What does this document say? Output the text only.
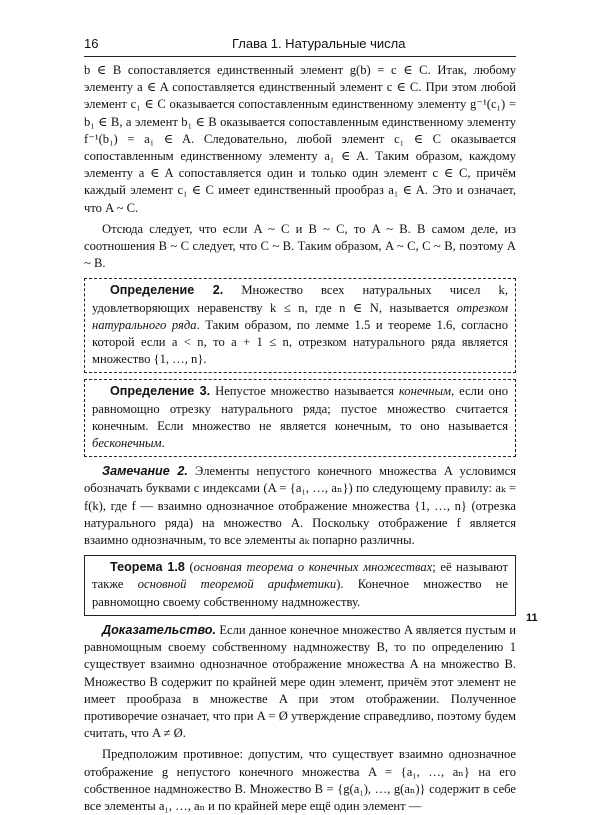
16	Глава 1. Натуральные числа

b ∈ B сопоставляется единственный элемент g(b) = c ∈ C. Итак, любому элементу a ∈ A сопоставляется единственный элемент c ∈ C. При этом любой элемент c₁ ∈ C оказывается сопоставленным единственному элементу g⁻¹(c₁) = b₁ ∈ B, а элемент b₁ ∈ B оказывается сопоставленным единственному элементу f⁻¹(b₁) = a₁ ∈ A. Следовательно, любой элемент c₁ ∈ C оказывается сопоставленным единственному элементу a₁ ∈ A. Таким образом, каждому элементу a ∈ A сопоставляется один и только один элемент c ∈ C, причём каждый элемент c₁ ∈ C имеет единственный прообраз a₁ ∈ A. Это и означает, что A ~ C.

Отсюда следует, что если A ~ C и B ~ C, то A ~ B. В самом деле, из соотношения B ~ C следует, что C ~ B. Таким образом, A ~ C, C ~ B, поэтому A ~ B.

Определение 2. Множество всех натуральных чисел k, удовлетворяющих неравенству k ≤ n, где n ∈ N, называется отрезком натурального ряда. Таким образом, по лемме 1.5 и теореме 1.6, согласно которой если a < n, то a + 1 ≤ n, отрезком натурального ряда является множество {1, …, n}.

Определение 3. Непустое множество называется конечным, если оно равномощно отрезку натурального ряда; пустое множество считается конечным. Если множество не является конечным, то оно называется бесконечным.

Замечание 2. Элементы непустого конечного множества A условимся обозначать буквами с индексами (A = {a₁, …, aₙ}) по следующему правилу: aₖ = f(k), где f — взаимно однозначное отображение множества {1, …, n} (отрезка натурального ряда) на множество A. Поскольку отображение f является взаимно однозначным, то все элементы aₖ попарно различны.

Теорема 1.8 (основная теорема о конечных множествах; её называют также основной теоремой арифметики). Конечное множество не равномощно своему собственному надмножеству.

Доказательство. Если данное конечное множество A является пустым и равномощным своему собственному надмножеству B, то по определению 1 существует взаимно однозначное отображение множества A на множество B. Множество B содержит по крайней мере один элемент, причём этот элемент не имеет прообраза в множестве A при этом отображении. Полученное противоречие означает, что при A = Ø утверждение справедливо, поэтому будем считать, что A ≠ Ø.

Предположим противное: допустим, что существует взаимно однозначное отображение g непустого конечного множества A = {a₁, …, aₙ} на его собственное надмножество B. Множество B = {g(a₁), …, g(aₙ)} содержит в себе все элементы a₁, …, aₙ и по крайней мере ещё один элемент —

11
